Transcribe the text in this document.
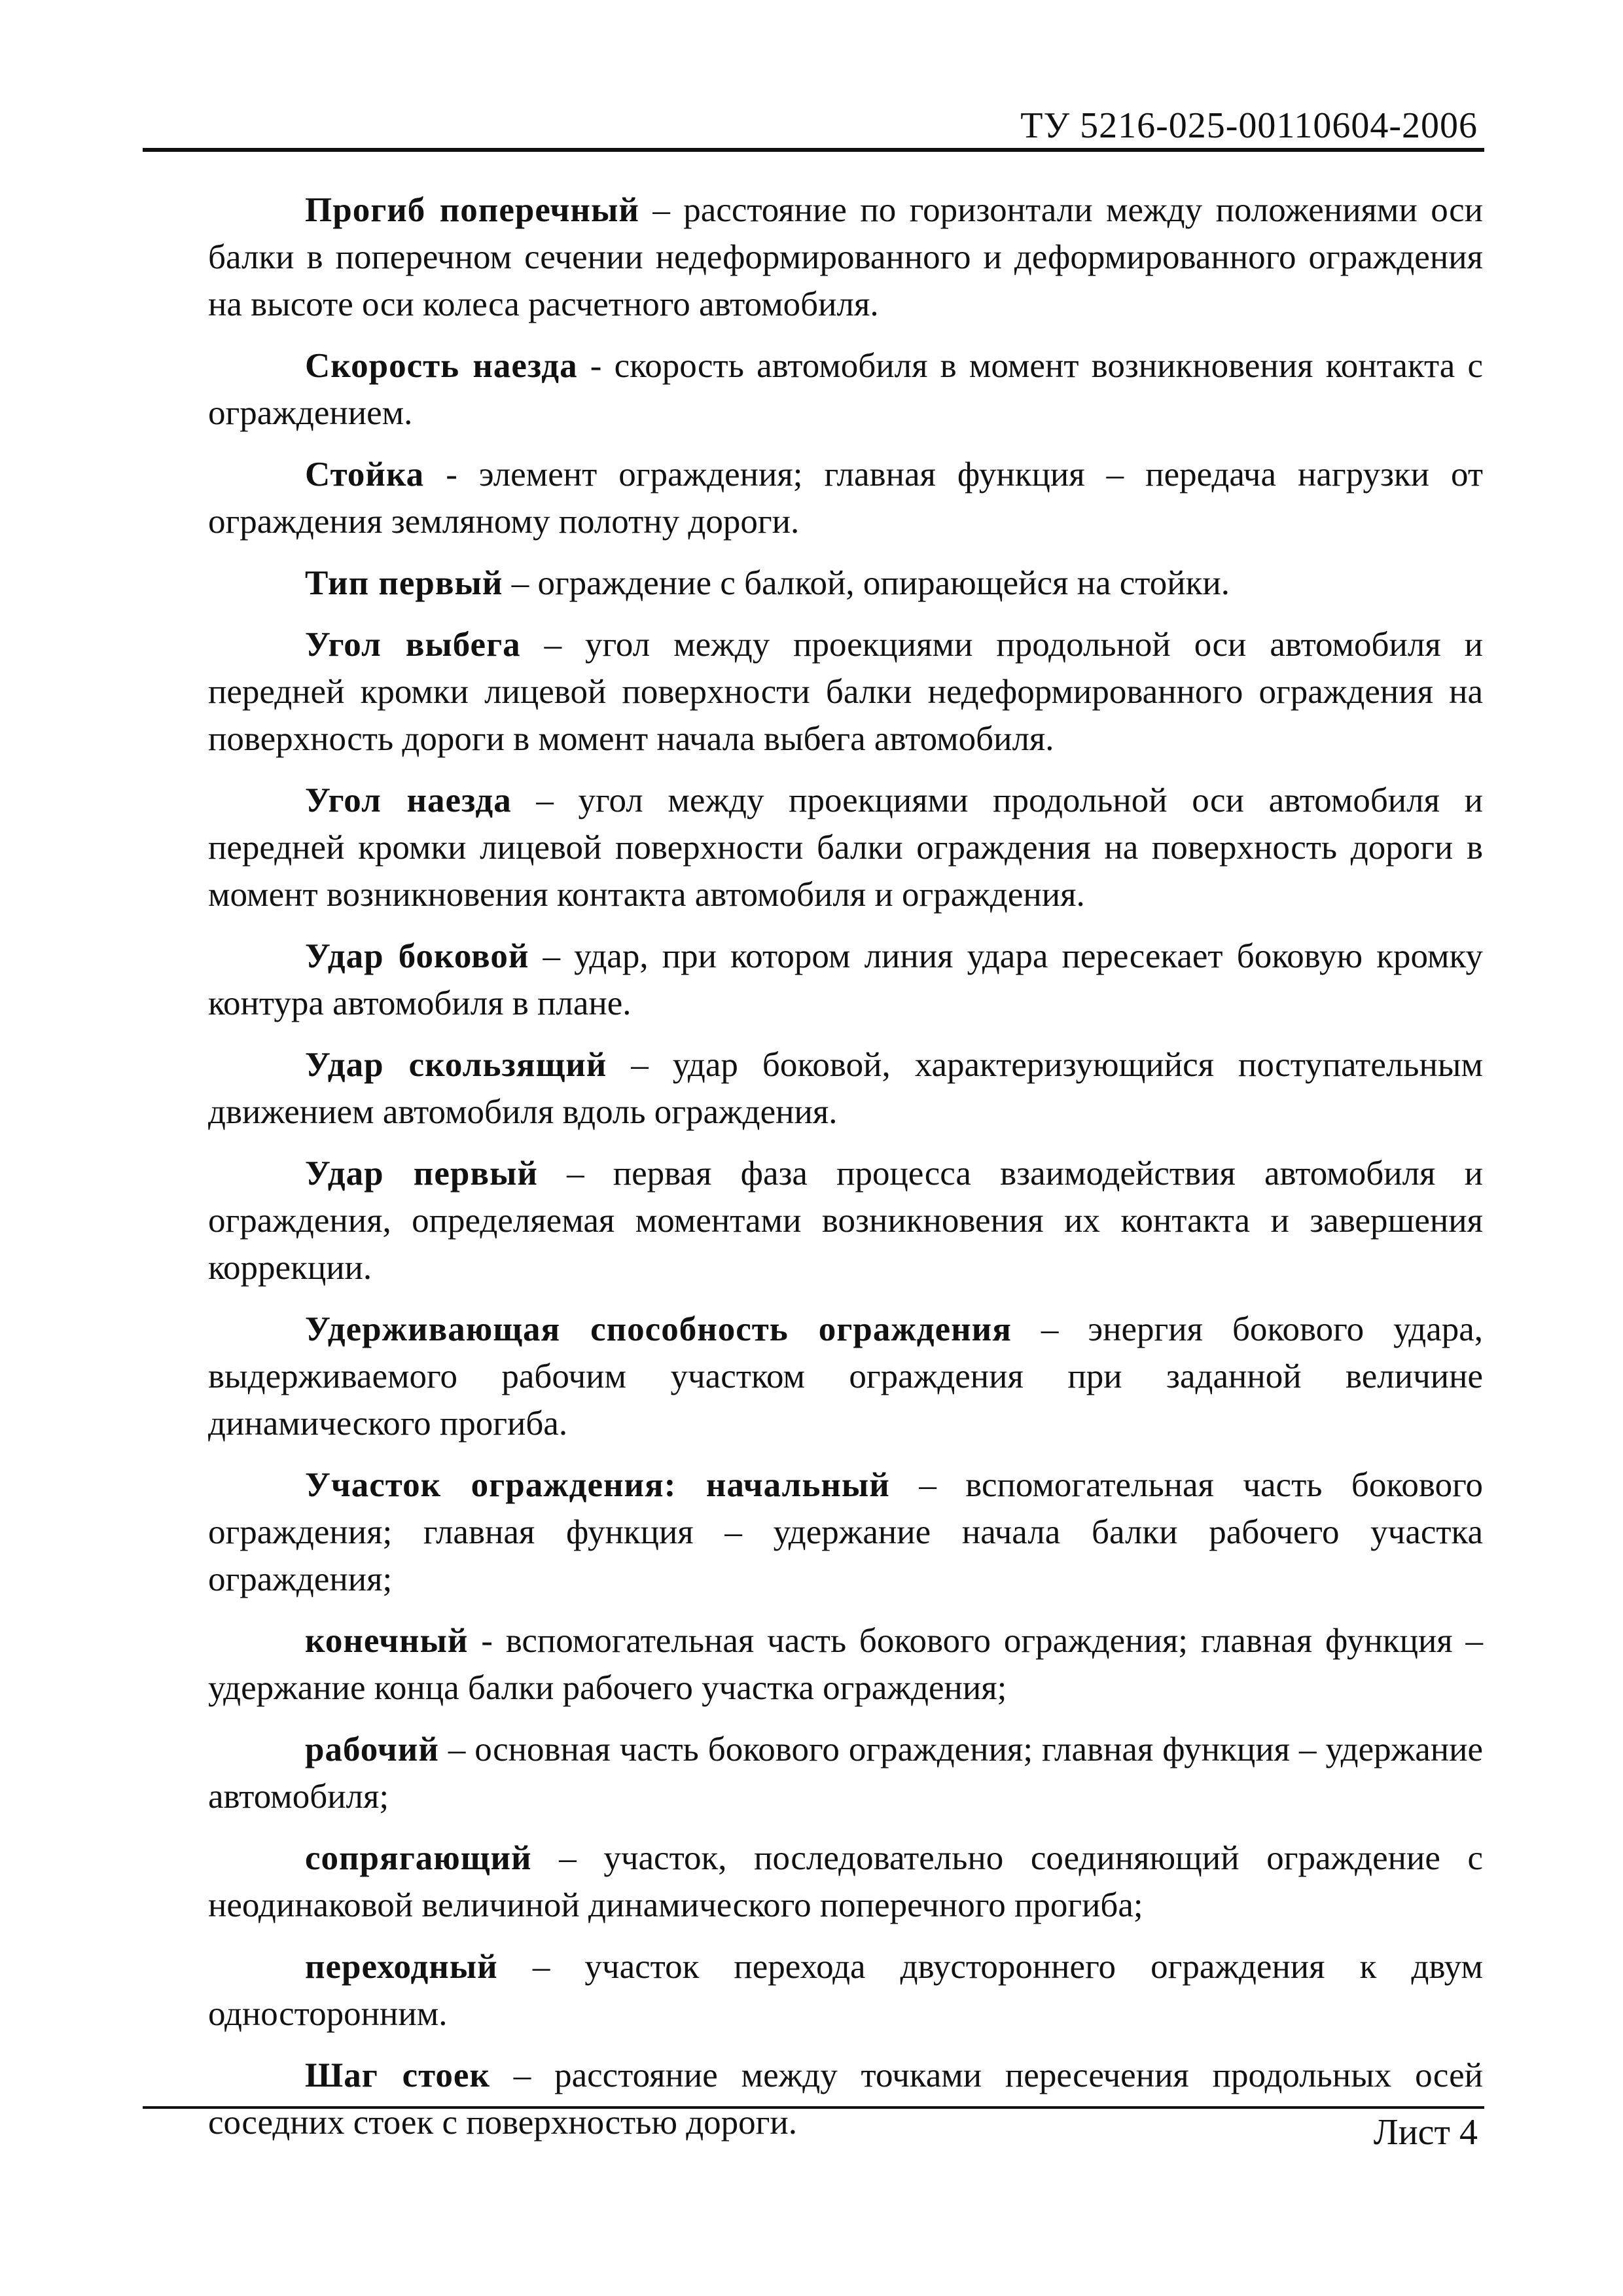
ТУ 5216-025-00110604-2006

Прогиб поперечный – расстояние по горизонтали между положениями оси балки в поперечном сечении недеформированного и деформированного ограждения на высоте оси колеса расчетного автомобиля.

Скорость наезда - скорость автомобиля в момент возникновения контакта с ограждением.

Стойка - элемент ограждения; главная функция – передача нагрузки от ограждения земляному полотну дороги.

Тип первый – ограждение с балкой, опирающейся на стойки.

Угол выбега – угол между проекциями продольной оси автомобиля и передней кромки лицевой поверхности балки недеформированного ограждения на поверхность дороги в момент начала выбега автомобиля.

Угол наезда – угол между проекциями продольной оси автомобиля и передней кромки лицевой поверхности балки ограждения на поверхность дороги в момент возникновения контакта автомобиля и ограждения.

Удар боковой – удар, при котором линия удара пересекает боковую кромку контура автомобиля в плане.

Удар скользящий – удар боковой, характеризующийся поступательным движением автомобиля вдоль ограждения.

Удар первый – первая фаза процесса взаимодействия автомобиля и ограждения, определяемая моментами возникновения их контакта и завершения коррекции.

Удерживающая способность ограждения – энергия бокового удара, выдерживаемого рабочим участком ограждения при заданной величине динамического прогиба.

Участок ограждения: начальный – вспомогательная часть бокового ограждения; главная функция – удержание начала балки рабочего участка ограждения;

конечный - вспомогательная часть бокового ограждения; главная функция – удержание конца балки рабочего участка ограждения;

рабочий – основная часть бокового ограждения; главная функция – удержание автомобиля;

сопрягающий – участок, последовательно соединяющий ограждение с неодинаковой величиной динамического поперечного прогиба;

переходный – участок перехода двустороннего ограждения к двум односторонним.

Шаг стоек – расстояние между точками пересечения продольных осей соседних стоек с поверхностью дороги.	Лист 4
